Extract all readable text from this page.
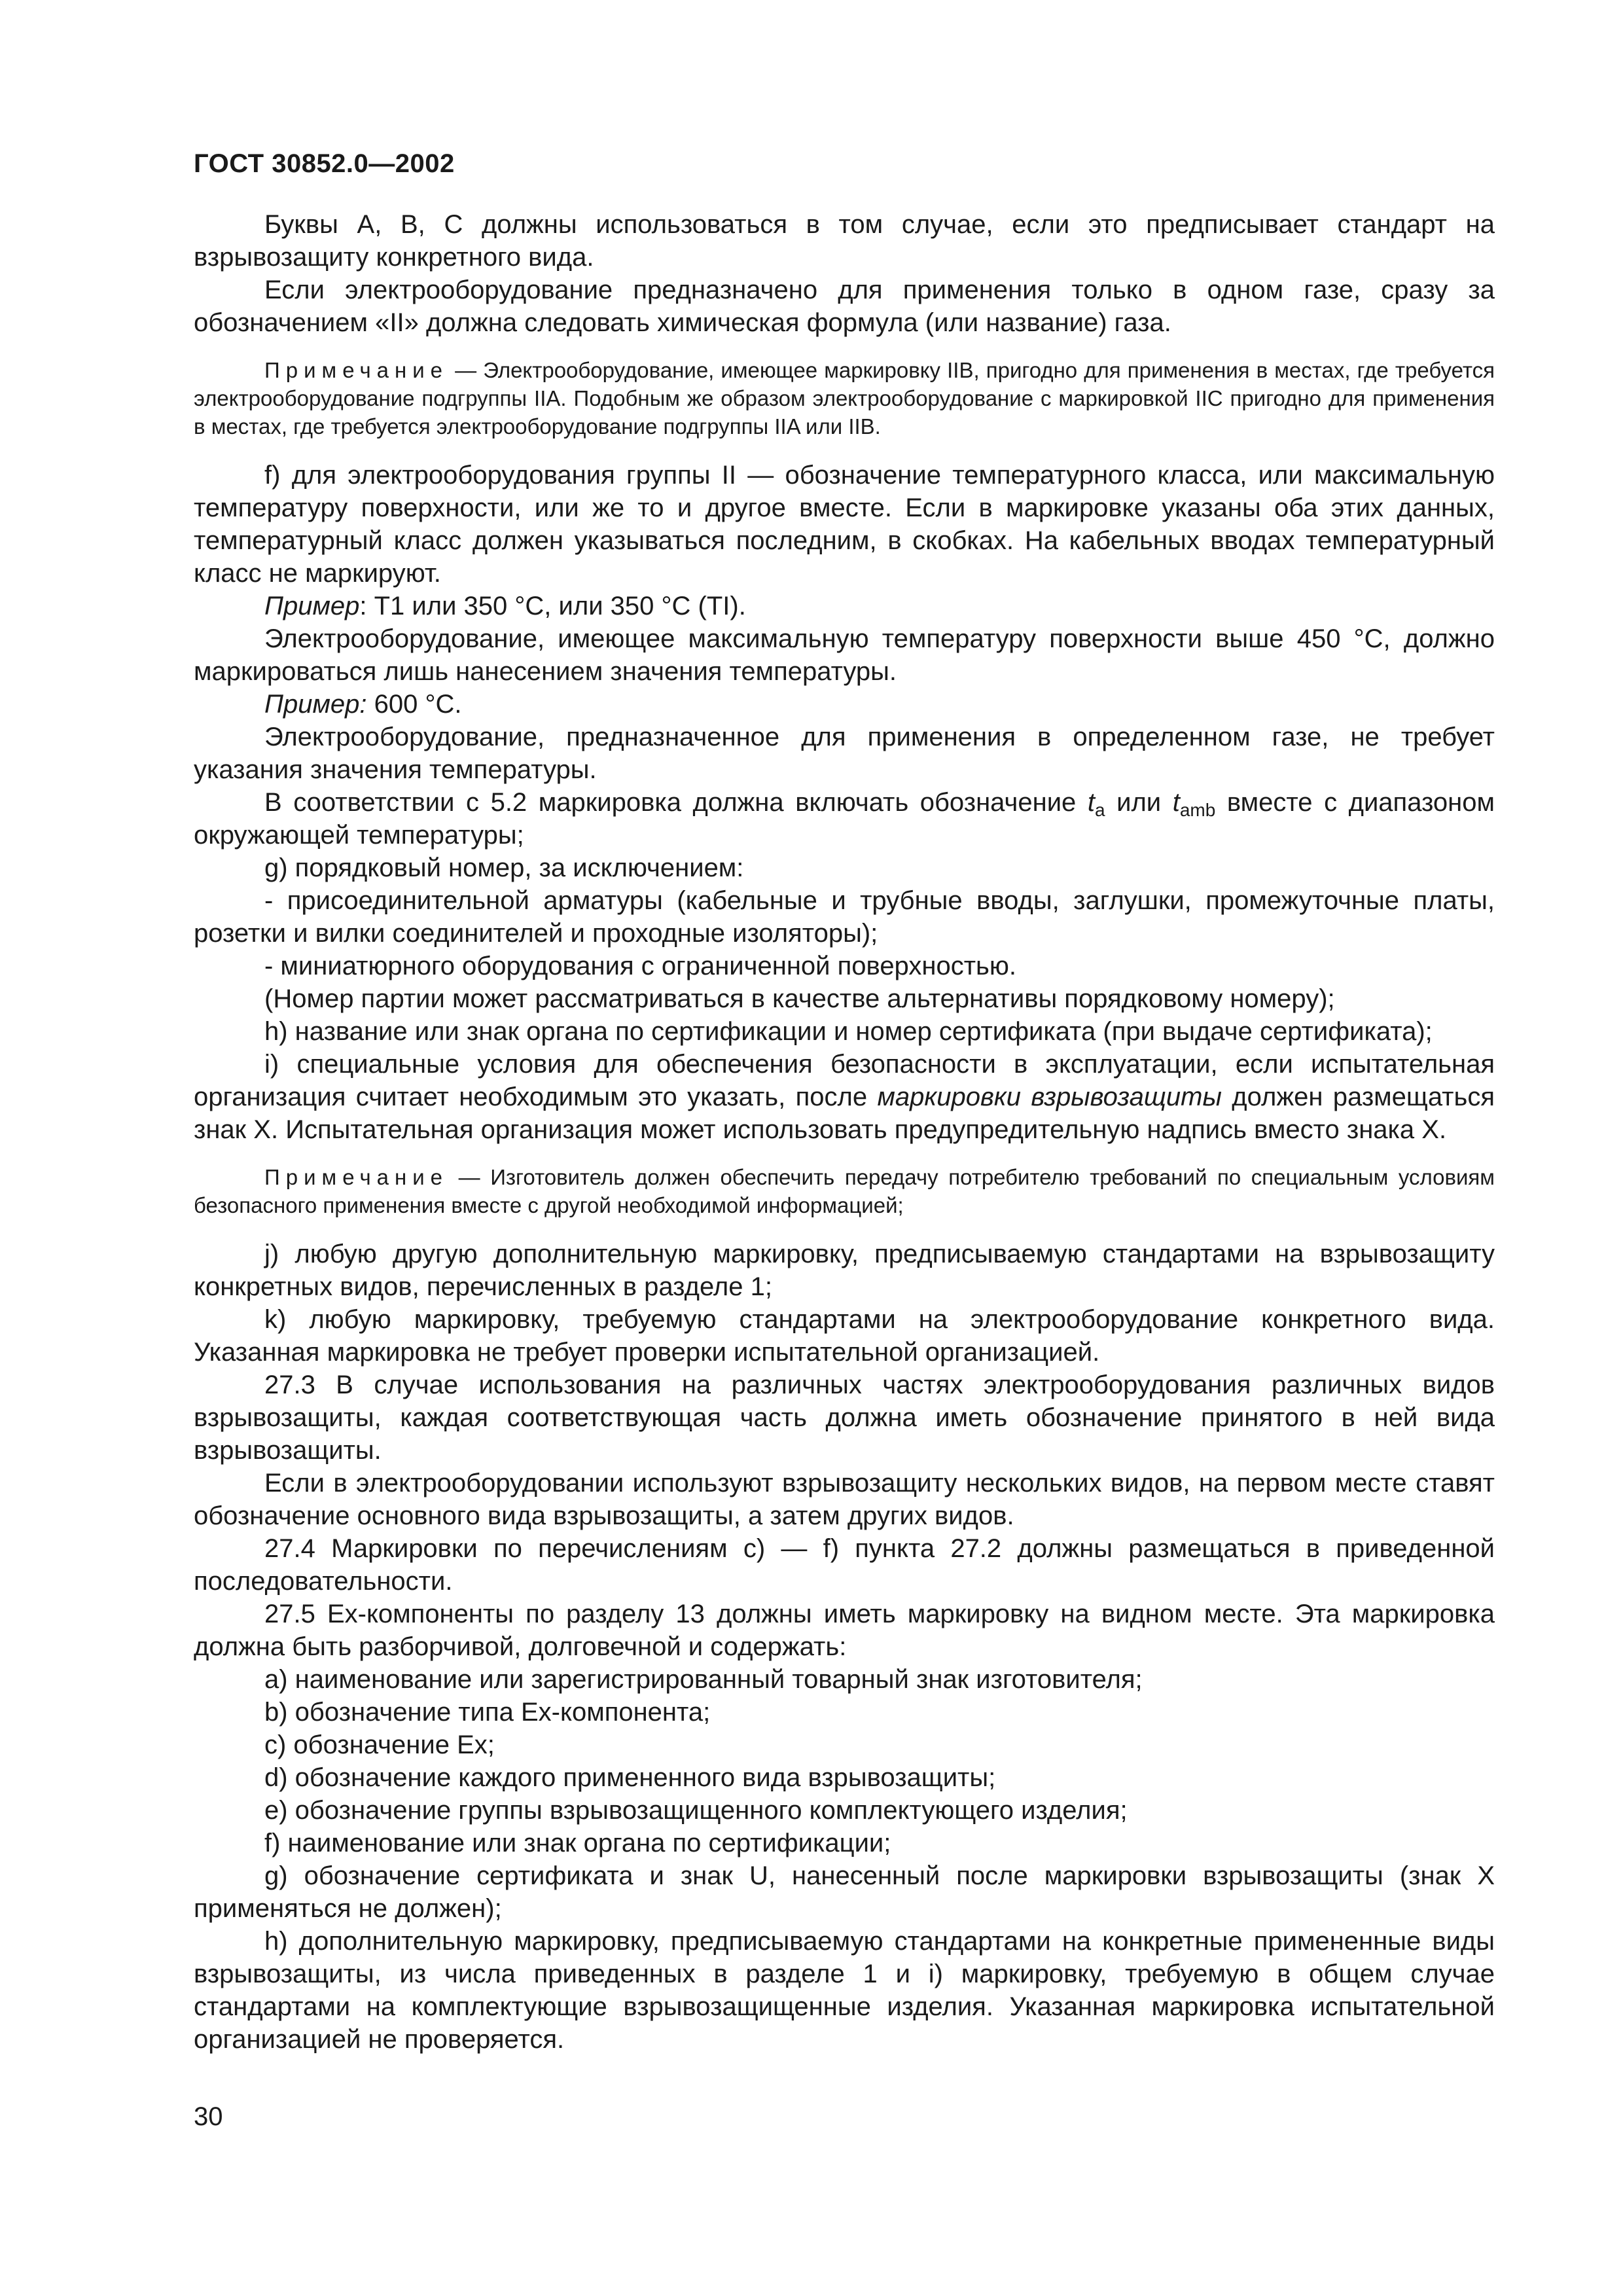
ГОСТ 30852.0—2002

Буквы А, В, С должны использоваться в том случае, если это предписывает стандарт на взрывозащиту конкретного вида.

Если электрооборудование предназначено для применения только в одном газе, сразу за обозначением «II» должна следовать химическая формула (или название) газа.

Примечание — Электрооборудование, имеющее маркировку IIB, пригодно для применения в местах, где требуется электрооборудование подгруппы IIA. Подобным же образом электрооборудование с маркировкой IIC пригодно для применения в местах, где требуется электрооборудование подгруппы IIA или IIB.

f) для электрооборудования группы II — обозначение температурного класса, или максимальную температуру поверхности, или же то и другое вместе. Если в маркировке указаны оба этих данных, температурный класс должен указываться последним, в скобках. На кабельных вводах температурный класс не маркируют.

Пример: Т1 или 350 °С, или 350 °С (TI).

Электрооборудование, имеющее максимальную температуру поверхности выше 450 °С, должно маркироваться лишь нанесением значения температуры.

Пример: 600 °С.

Электрооборудование, предназначенное для применения в определенном газе, не требует указания значения температуры.

В соответствии с 5.2 маркировка должна включать обозначение $t_a$ или $t_{amb}$ вместе с диапазоном окружающей температуры;

g) порядковый номер, за исключением:

- присоединительной арматуры (кабельные и трубные вводы, заглушки, промежуточные платы, розетки и вилки соединителей и проходные изоляторы);

- миниатюрного оборудования с ограниченной поверхностью.

(Номер партии может рассматриваться в качестве альтернативы порядковому номеру);

h) название или знак органа по сертификации и номер сертификата (при выдаче сертификата);

i) специальные условия для обеспечения безопасности в эксплуатации, если испытательная организация считает необходимым это указать, после маркировки взрывозащиты должен размещаться знак X. Испытательная организация может использовать предупредительную надпись вместо знака X.

Примечание — Изготовитель должен обеспечить передачу потребителю требований по специальным условиям безопасного применения вместе с другой необходимой информацией;

j) любую другую дополнительную маркировку, предписываемую стандартами на взрывозащиту конкретных видов, перечисленных в разделе 1;

k) любую маркировку, требуемую стандартами на электрооборудование конкретного вида. Указанная маркировка не требует проверки испытательной организацией.

27.3 В случае использования на различных частях электрооборудования различных видов взрывозащиты, каждая соответствующая часть должна иметь обозначение принятого в ней вида взрывозащиты.

Если в электрооборудовании используют взрывозащиту нескольких видов, на первом месте ставят обозначение основного вида взрывозащиты, а затем других видов.

27.4 Маркировки по перечислениям с) — f) пункта 27.2 должны размещаться в приведенной последовательности.

27.5 Ex-компоненты по разделу 13 должны иметь маркировку на видном месте. Эта маркировка должна быть разборчивой, долговечной и содержать:

а) наименование или зарегистрированный товарный знак изготовителя;

b) обозначение типа Ex-компонента;

с) обозначение Ex;

d) обозначение каждого примененного вида взрывозащиты;

е) обозначение группы взрывозащищенного комплектующего изделия;

f) наименование или знак органа по сертификации;

g) обозначение сертификата и знак U, нанесенный после маркировки взрывозащиты (знак X применяться не должен);

h) дополнительную маркировку, предписываемую стандартами на конкретные примененные виды взрывозащиты, из числа приведенных в разделе 1 и i) маркировку, требуемую в общем случае стандартами на комплектующие взрывозащищенные изделия. Указанная маркировка испытательной организацией не проверяется.

30
